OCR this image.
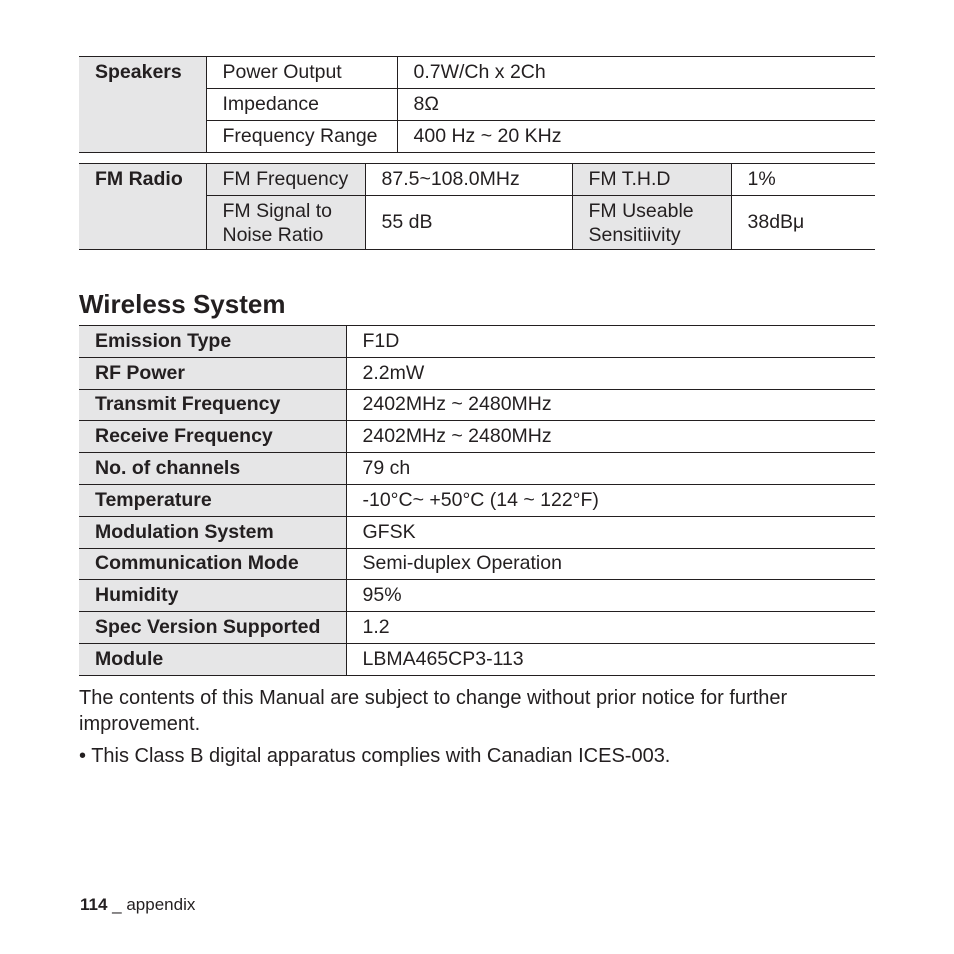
Speakers	Power Output	0.7W/Ch x 2Ch
	Impedance	8Ω
	Frequency Range	400 Hz ~ 20 KHz
FM Radio	FM Frequency	87.5~108.0MHz	FM T.H.D	1%
	FM Signal to Noise Ratio	55 dB	FM Useable Sensitiivity	38dBμ
Wireless System
Emission Type	F1D
RF Power	2.2mW
Transmit Frequency	2402MHz ~ 2480MHz
Receive Frequency	2402MHz ~ 2480MHz
No. of channels	79 ch
Temperature	-10°C~ +50°C (14 ~ 122°F)
Modulation System	GFSK
Communication Mode	Semi-duplex Operation
Humidity	95%
Spec Version Supported	1.2
Module	LBMA465CP3-113

The contents of this Manual are subject to change without prior notice for further improvement.

• This Class B digital apparatus complies with Canadian ICES-003.

114 _ appendix
